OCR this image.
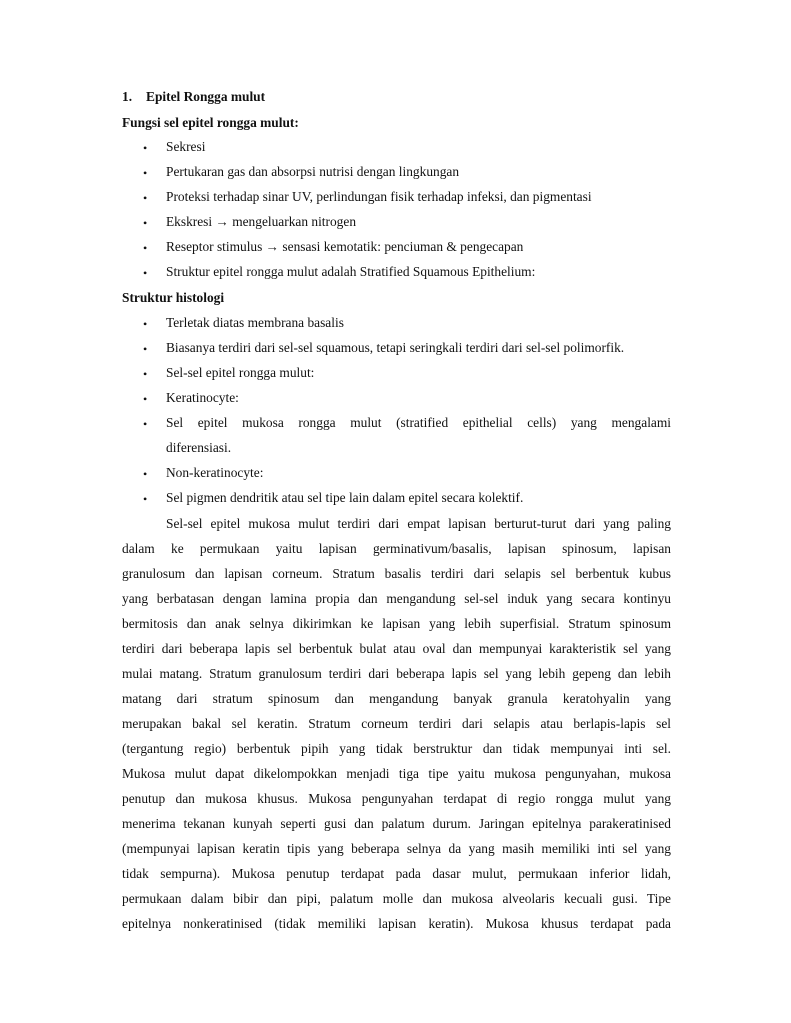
1. Epitel Rongga mulut
Fungsi sel epitel rongga mulut:
•	Sekresi
•	Pertukaran gas dan absorpsi nutrisi dengan lingkungan
•	Proteksi terhadap sinar UV, perlindungan fisik terhadap infeksi, dan pigmentasi
•	Ekskresi → mengeluarkan nitrogen
•	Reseptor stimulus → sensasi kemotatik: penciuman & pengecapan
•	Struktur epitel rongga mulut adalah Stratified Squamous Epithelium:
Struktur histologi
•	Terletak diatas membrana basalis
•	Biasanya terdiri dari sel-sel squamous, tetapi seringkali terdiri dari sel-sel polimorfik.
•	Sel-sel epitel rongga mulut:
•	Keratinocyte:
•	Sel epitel mukosa rongga mulut (stratified epithelial cells) yang mengalami
diferensiasi.
•	Non-keratinocyte:
•	Sel pigmen dendritik atau sel tipe lain dalam epitel secara kolektif.
Sel-sel epitel mukosa mulut terdiri dari empat lapisan berturut-turut dari yang paling
dalam ke permukaan yaitu lapisan germinativum/basalis, lapisan spinosum, lapisan
granulosum dan lapisan corneum. Stratum basalis terdiri dari selapis sel berbentuk kubus
yang berbatasan dengan lamina propia dan mengandung sel-sel induk yang secara kontinyu
bermitosis dan anak selnya dikirimkan ke lapisan yang lebih superfisial. Stratum spinosum
terdiri dari beberapa lapis sel berbentuk bulat atau oval dan mempunyai karakteristik sel yang
mulai matang. Stratum granulosum terdiri dari beberapa lapis sel yang lebih gepeng dan lebih
matang dari stratum spinosum dan mengandung banyak granula keratohyalin yang
merupakan bakal sel keratin. Stratum corneum terdiri dari selapis atau berlapis-lapis sel
(tergantung regio) berbentuk pipih yang tidak berstruktur dan tidak mempunyai inti sel.
Mukosa mulut dapat dikelompokkan menjadi tiga tipe yaitu mukosa pengunyahan, mukosa
penutup dan mukosa khusus. Mukosa pengunyahan terdapat di regio rongga mulut yang
menerima tekanan kunyah seperti gusi dan palatum durum. Jaringan epitelnya parakeratinised
(mempunyai lapisan keratin tipis yang beberapa selnya da yang masih memiliki inti sel yang
tidak sempurna). Mukosa penutup terdapat pada dasar mulut, permukaan inferior lidah,
permukaan dalam bibir dan pipi, palatum molle dan mukosa alveolaris kecuali gusi. Tipe
epitelnya nonkeratinised (tidak memiliki lapisan keratin). Mukosa khusus terdapat pada
